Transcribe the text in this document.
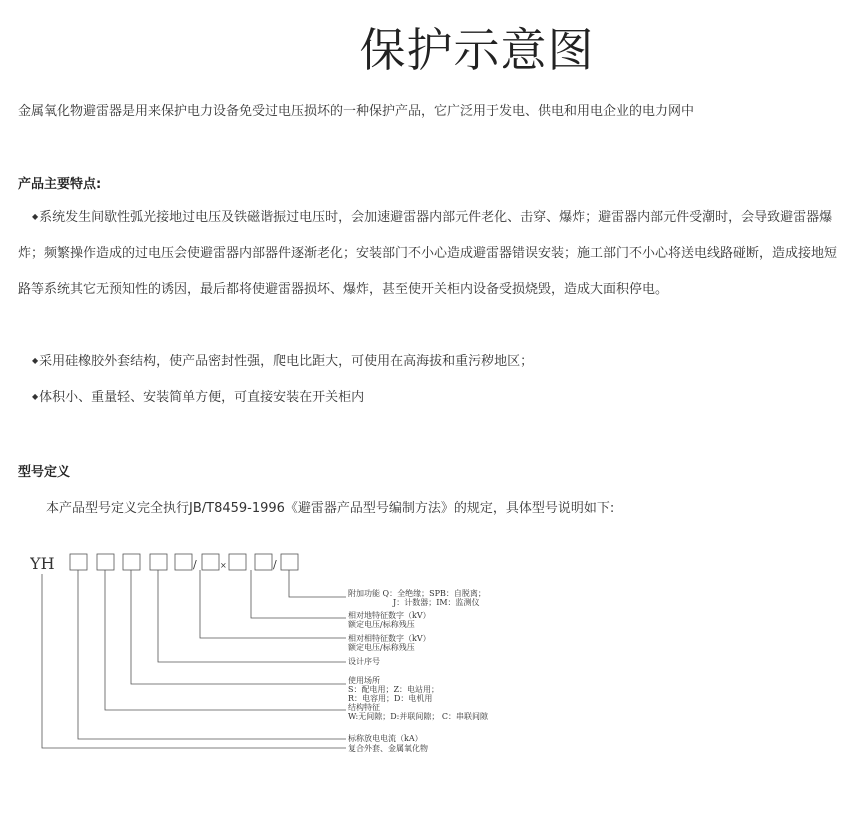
保护示意图
金属氧化物避雷器是用来保护电力设备免受过电压损坏的一种保护产品，它广泛用于发电、供电和用电企业的电力网中
产品主要特点:
◆系统发生间歇性弧光接地过电压及铁磁谐振过电压时，会加速避雷器内部元件老化、击穿、爆炸；避雷器内部元件受潮时，会导致避雷器爆炸；频繁操作造成的过电压会使避雷器内部器件逐渐老化；安装部门不小心造成避雷器错误安装；施工部门不小心将送电线路碰断，造成接地短路等系统其它无预知性的诱因，最后都将使避雷器损坏、爆炸，甚至使开关柜内设备受损烧毁，造成大面积停电。
◆采用硅橡胶外套结构，使产品密封性强，爬电比距大，可使用在高海拔和重污秽地区；
◆体积小、重量轻、安装简单方便，可直接安装在开关柜内
型号定义
本产品型号定义完全执行JB/T8459-1996《避雷器产品型号编制方法》的规定，具体型号说明如下:
YH	/	×	/
附加功能 Q：全绝缘；SPB：自脱离；
J：计数器；IM：监测仪
相对地特征数字（kV）
额定电压/标称残压
相对相特征数字（kV）
额定电压/标称残压
设计序号
使用场所
S：配电用；Z：电站用；
R：电容用；D：电机用
结构特征
W:无间隙；D:并联间隙； C：串联间隙
标称放电电流（kA）
复合外套、金属氧化物
